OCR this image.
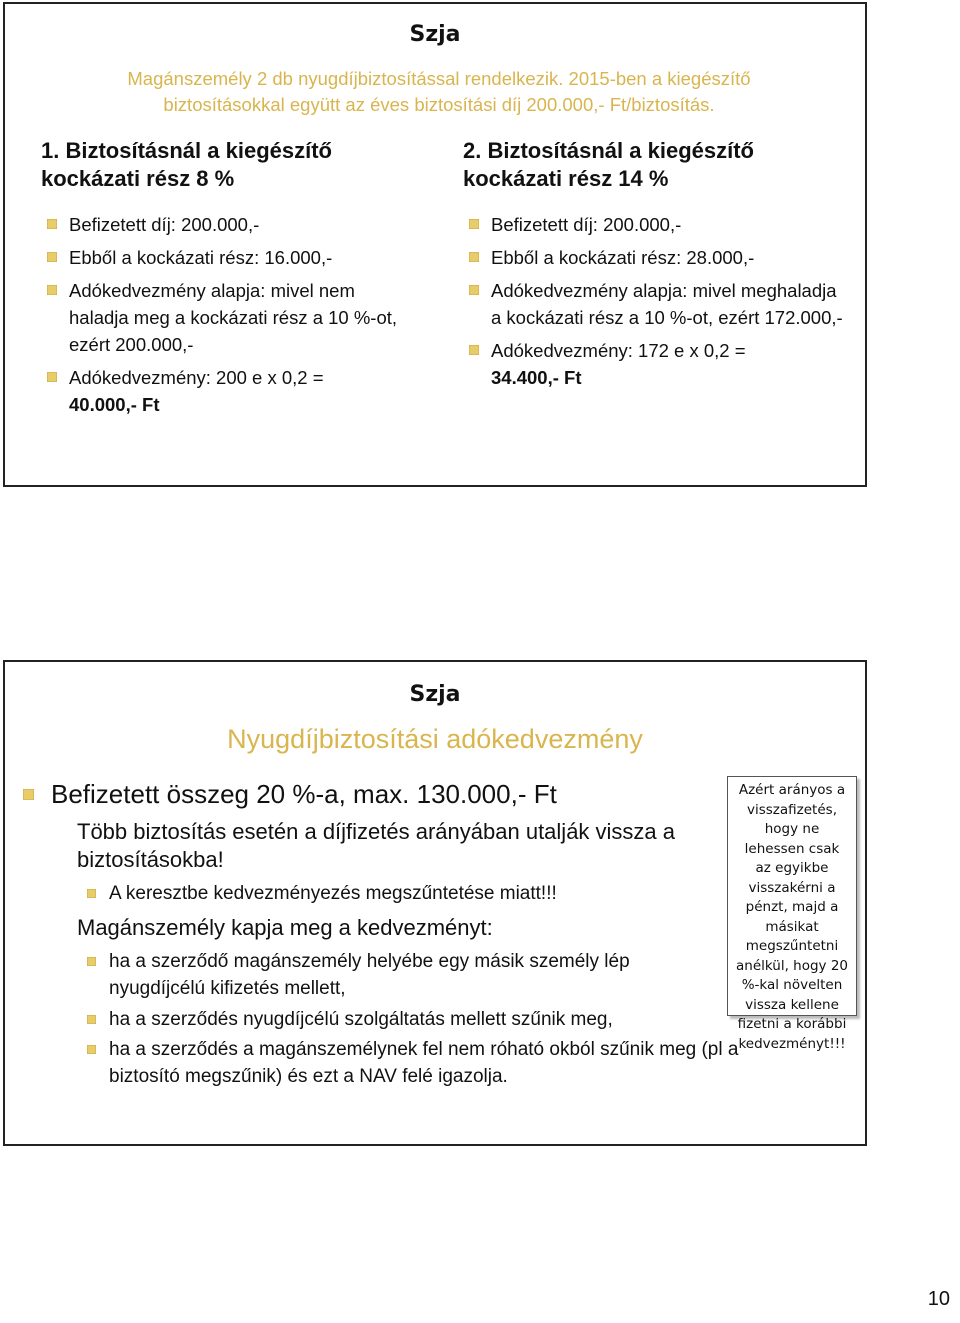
Szja
Magánszemély 2 db nyugdíjbiztosítással rendelkezik. 2015-ben a kiegészítő
biztosításokkal együtt az éves biztosítási díj 200.000,- Ft/biztosítás.
1. Biztosításnál a kiegészítő
kockázati rész 8 %
Befizetett díj: 200.000,-
Ebből a kockázati rész: 16.000,-
Adókedvezmény alapja: mivel nem haladja meg a kockázati rész a 10 %-ot, ezért 200.000,-
Adókedvezmény: 200 e x 0,2 =
40.000,- Ft
2. Biztosításnál a kiegészítő
kockázati rész 14 %
Befizetett díj: 200.000,-
Ebből a kockázati rész: 28.000,-
Adókedvezmény alapja: mivel meghaladja a kockázati rész a 10 %-ot, ezért 172.000,-
Adókedvezmény: 172 e x 0,2 =
34.400,- Ft
Szja
Nyugdíjbiztosítási adókedvezmény
Befizetett összeg 20 %-a, max. 130.000,- Ft
Több biztosítás esetén a díjfizetés arányában utalják vissza a biztosításokba!
A keresztbe kedvezményezés megszűntetése miatt!!!
Magánszemély kapja meg a kedvezményt:
ha a szerződő magánszemély helyébe egy másik személy lép nyugdíjcélú kifizetés mellett,
ha a szerződés nyugdíjcélú szolgáltatás mellett szűnik meg,
ha a szerződés a magánszemélynek fel nem róható okból szűnik meg (pl a biztosító megszűnik) és ezt a NAV felé igazolja.
Azért arányos a
visszafizetés,
hogy ne
lehessen csak
az egyikbe
visszakérni a
pénzt, majd a
másikat
megszűntetni
anélkül, hogy 20
%-kal növelten
vissza kellene
fizetni a korábbi
kedvezményt!!!
10
